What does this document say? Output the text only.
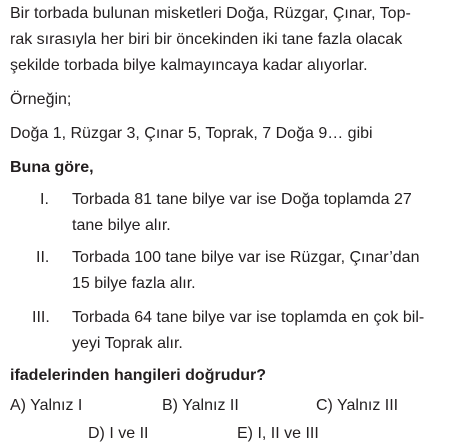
Bir torbada bulunan misketleri Doğa, Rüzgar, Çınar, Top-
rak sırasıyla her biri bir öncekinden iki tane fazla olacak
şekilde torbada bilye kalmayıncaya kadar alıyorlar.
Örneğin;
Doğa 1, Rüzgar 3, Çınar 5, Toprak, 7 Doğa 9… gibi
Buna göre,
I. Torbada 81 tane bilye var ise Doğa toplamda 27
tane bilye alır.
II. Torbada 100 tane bilye var ise Rüzgar, Çınar’dan
15 bilye fazla alır.
III. Torbada 64 tane bilye var ise toplamda en çok bil-
yeyi Toprak alır.
ifadelerinden hangileri doğrudur?
A) Yalnız I	B) Yalnız II	C) Yalnız III
D) I ve II	E) I, II ve III
